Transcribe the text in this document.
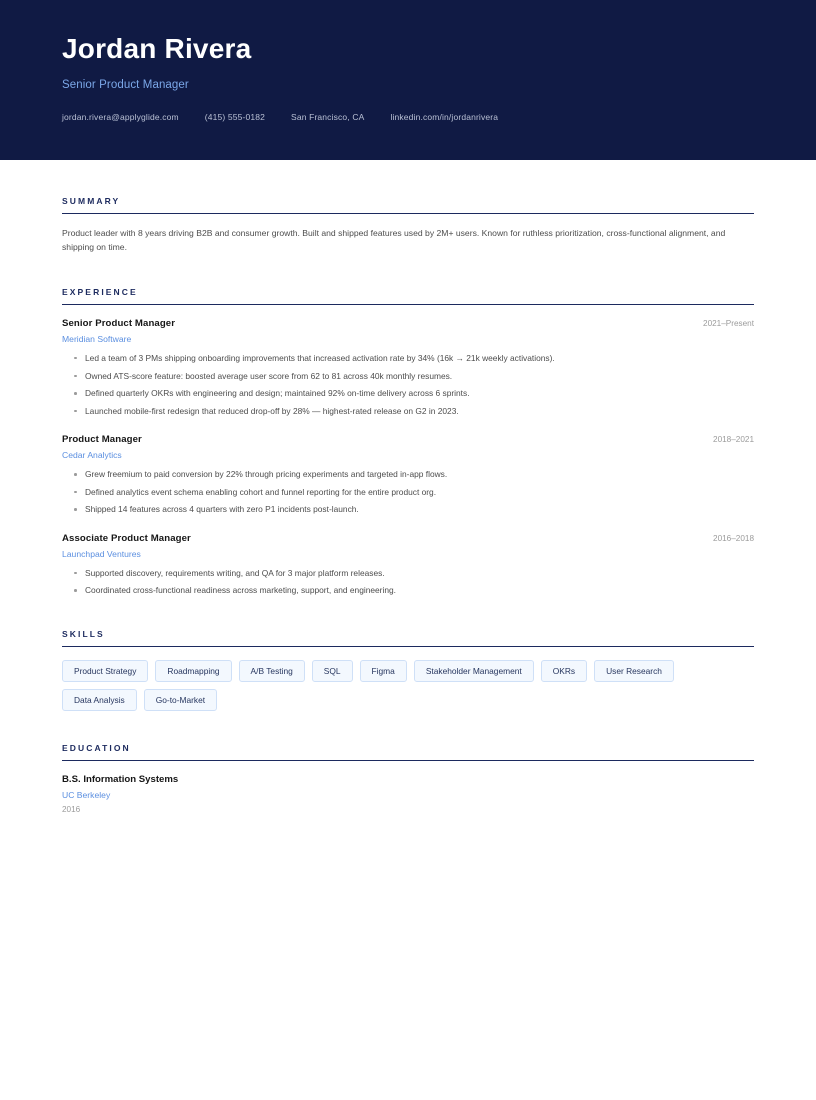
Jordan Rivera
Senior Product Manager
jordan.rivera@applyglide.com	(415) 555-0182	San Francisco, CA	linkedin.com/in/jordanrivera
SUMMARY

Product leader with 8 years driving B2B and consumer growth. Built and shipped features used by 2M+ users. Known for ruthless prioritization, cross-functional alignment, and shipping on time.

EXPERIENCE
Senior Product Manager	2021–Present
Meridian Software
Led a team of 3 PMs shipping onboarding improvements that increased activation rate by 34% (16k → 21k weekly activations).
Owned ATS-score feature: boosted average user score from 62 to 81 across 40k monthly resumes.
Defined quarterly OKRs with engineering and design; maintained 92% on-time delivery across 6 sprints.
Launched mobile-first redesign that reduced drop-off by 28% — highest-rated release on G2 in 2023.
Product Manager	2018–2021
Cedar Analytics
Grew freemium to paid conversion by 22% through pricing experiments and targeted in-app flows.
Defined analytics event schema enabling cohort and funnel reporting for the entire product org.
Shipped 14 features across 4 quarters with zero P1 incidents post-launch.
Associate Product Manager	2016–2018
Launchpad Ventures
Supported discovery, requirements writing, and QA for 3 major platform releases.
Coordinated cross-functional readiness across marketing, support, and engineering.
SKILLS
Product Strategy	Roadmapping	A/B Testing	SQL	Figma	Stakeholder Management	OKRs	User Research
Data Analysis	Go-to-Market
EDUCATION
B.S. Information Systems
UC Berkeley
2016
